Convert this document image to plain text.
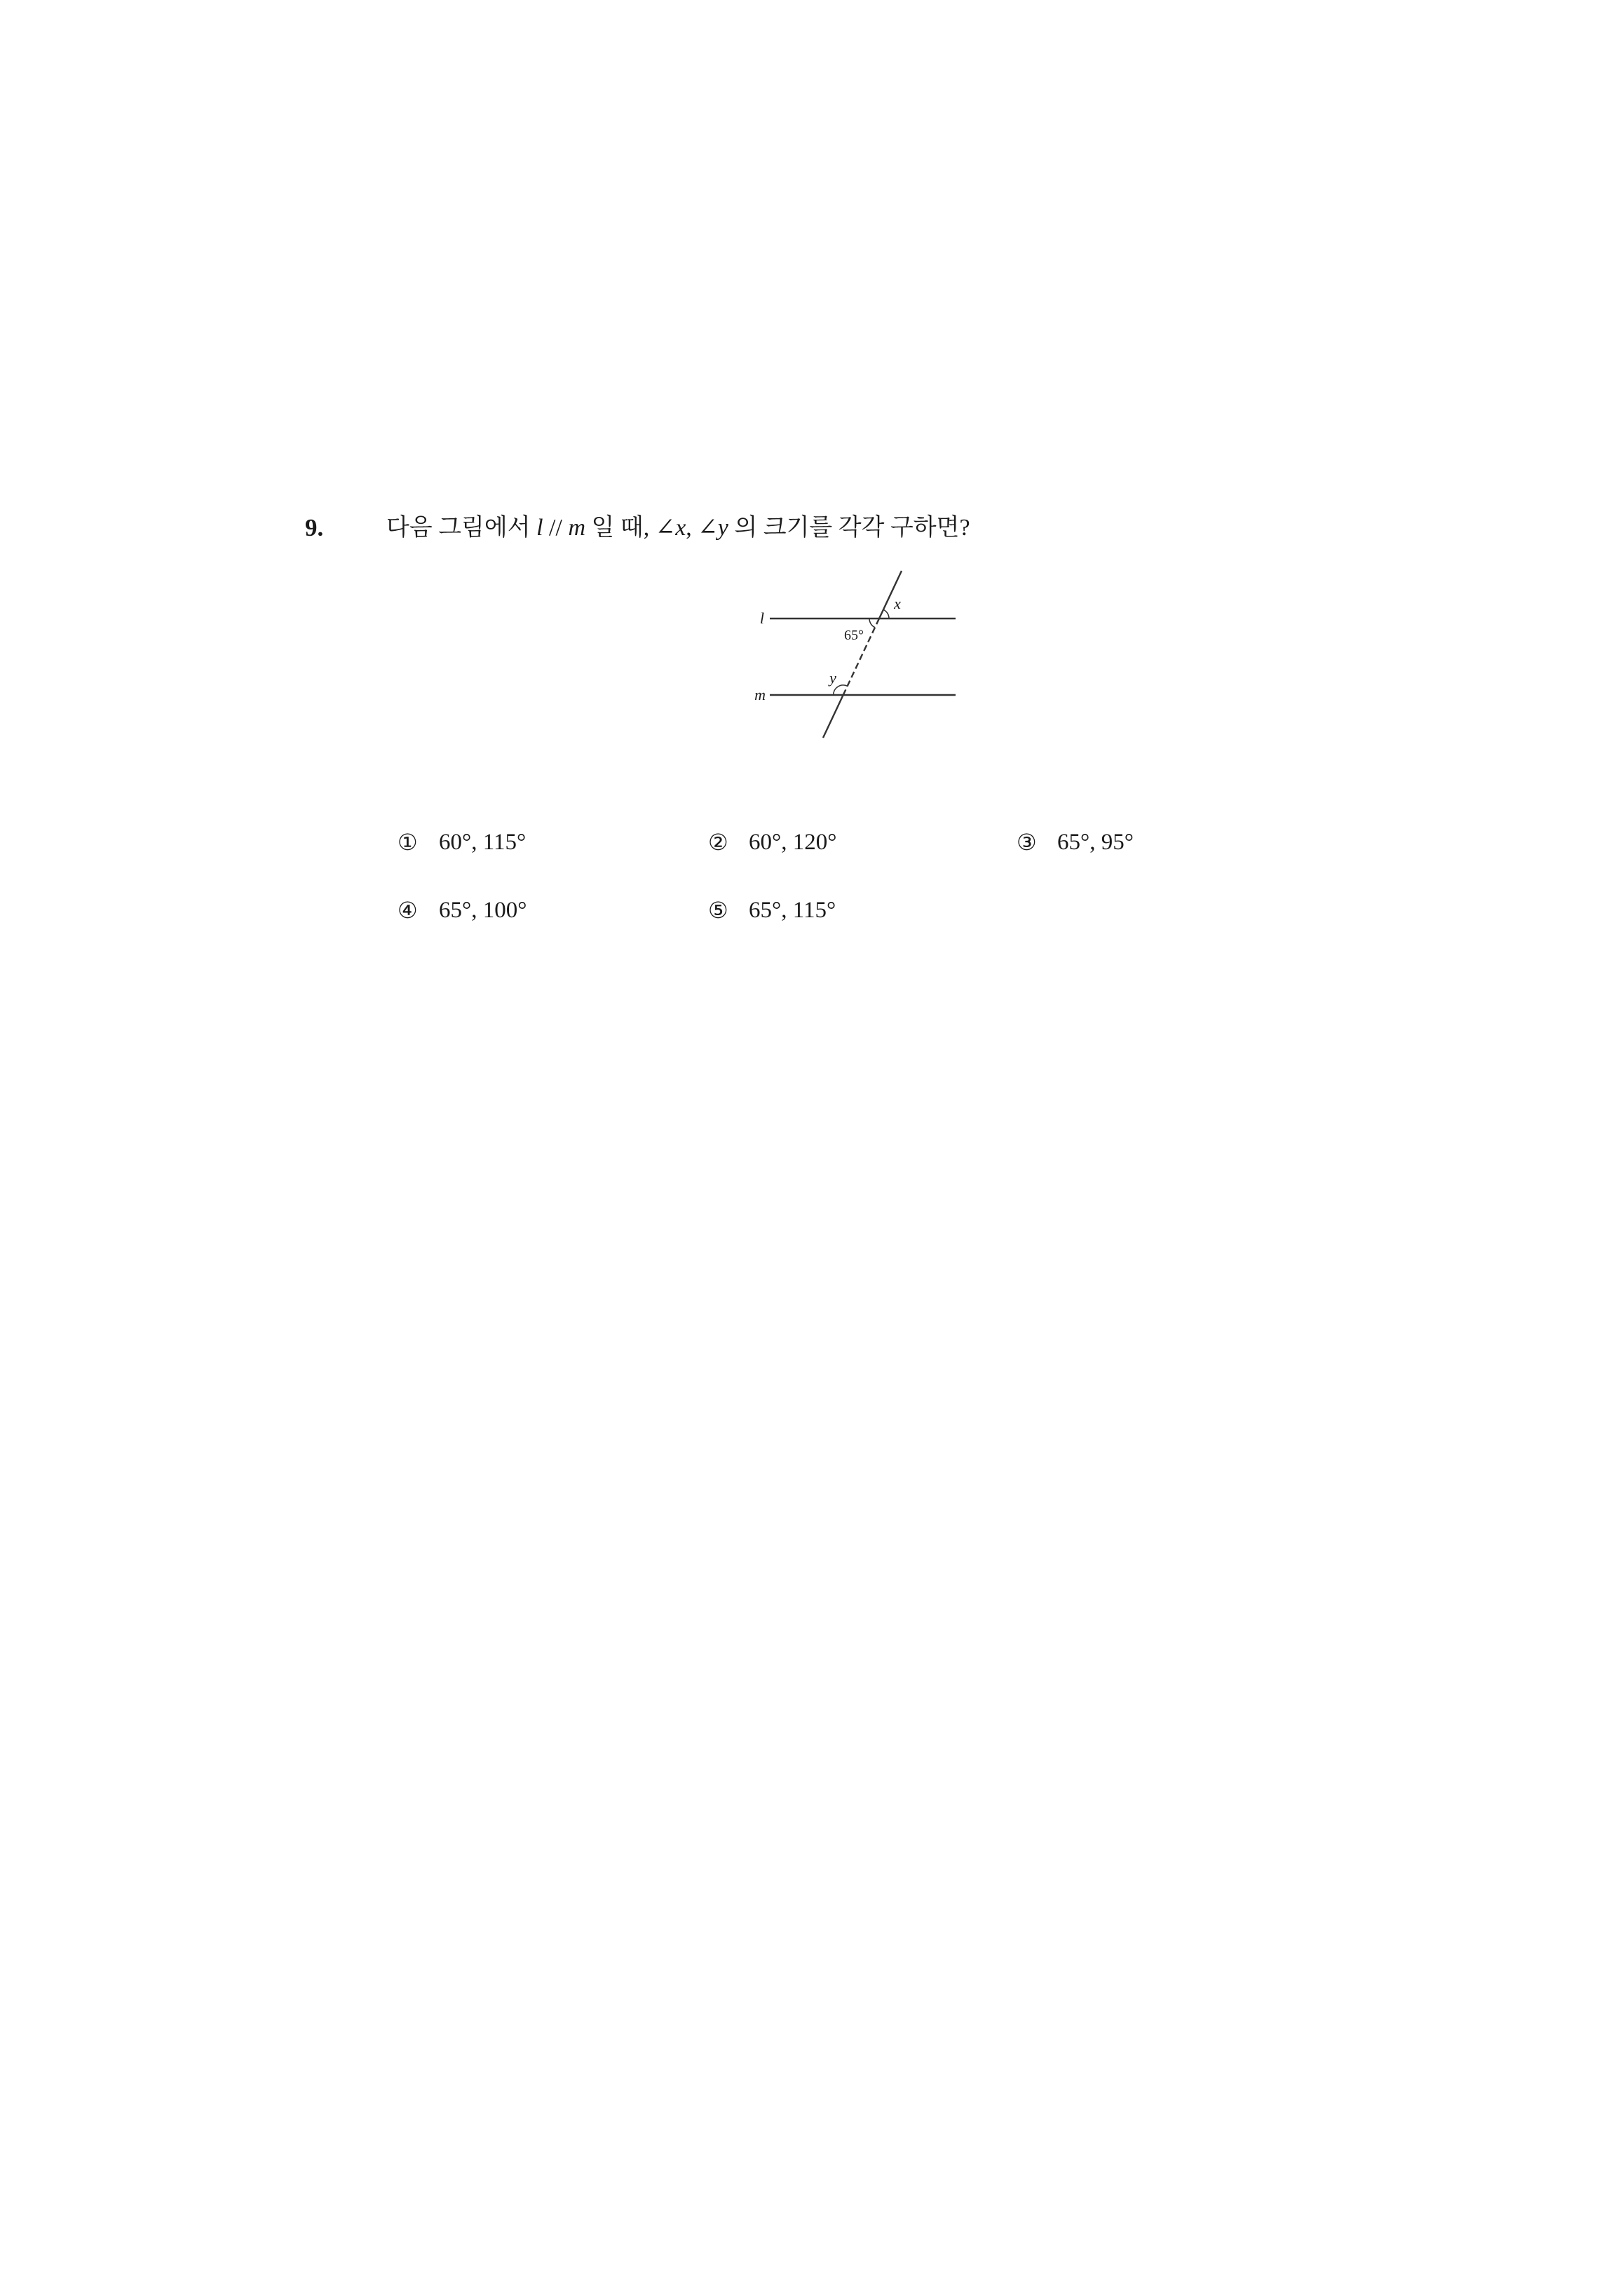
9.	다음 그림에서 l // m 일 때, ∠x, ∠y 의 크기를 각각 구하면?
l
m
65°
x
y
① 60°, 115°	② 60°, 120°	③ 65°, 95°
④ 65°, 100°	⑤ 65°, 115°
